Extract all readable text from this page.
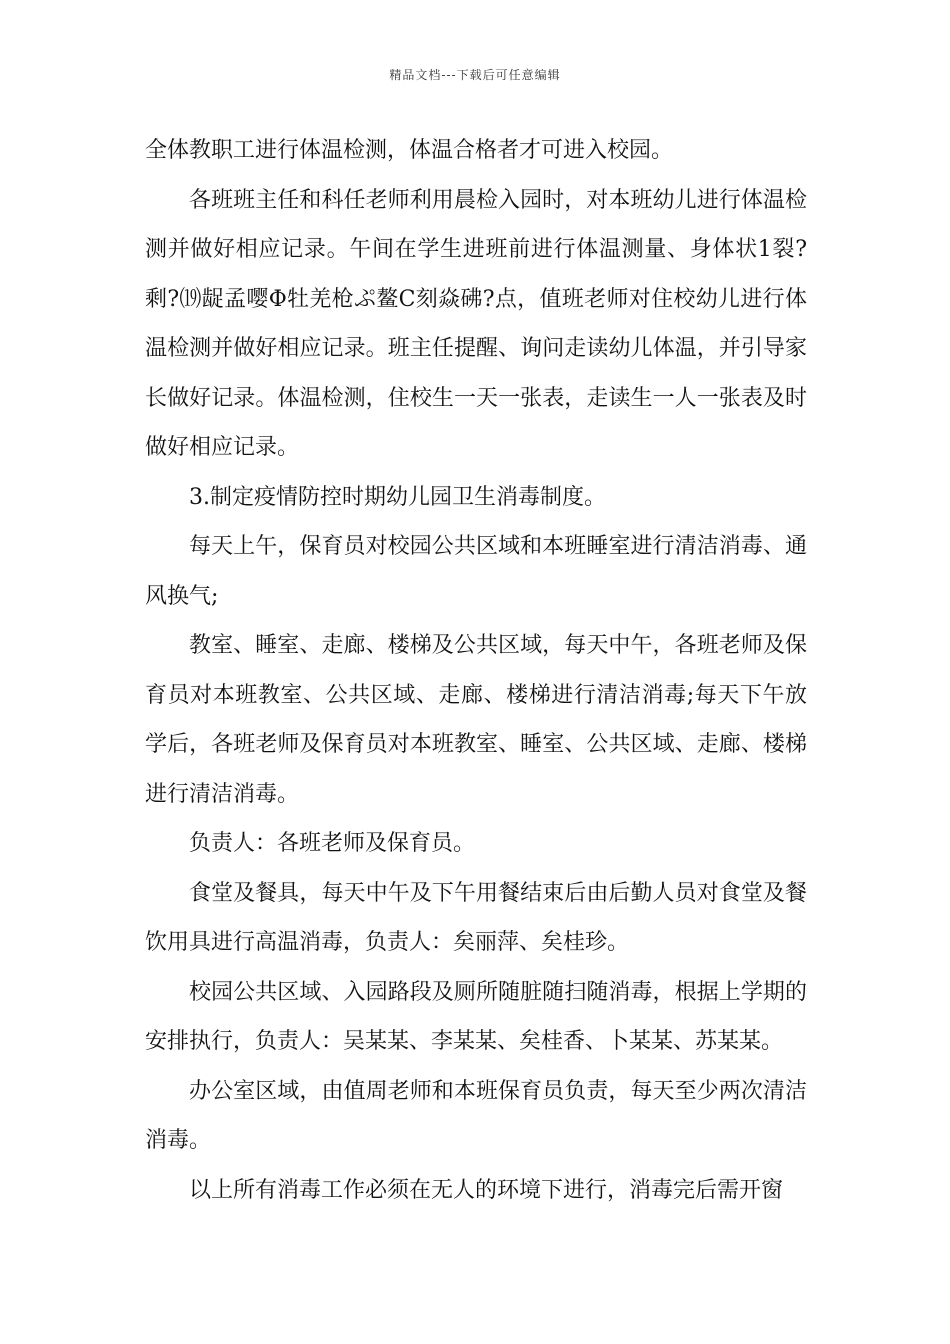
精品文档---下载后可任意编辑

全体教职工进行体温检测，体温合格者才可进入校园。

各班班主任和科任老师利用晨检入园时，对本班幼儿进行体温检测并做好相应记录。午间在学生进班前进行体温测量、身体状1裂?剩?⒆龊孟嘤Φ牡羌枪ぷ鳌C刻焱砩?点，值班老师对住校幼儿进行体温检测并做好相应记录。班主任提醒、询问走读幼儿体温，并引导家长做好记录。体温检测，住校生一天一张表，走读生一人一张表及时做好相应记录。

3.制定疫情防控时期幼儿园卫生消毒制度。

每天上午，保育员对校园公共区域和本班睡室进行清洁消毒、通风换气;

教室、睡室、走廊、楼梯及公共区域，每天中午，各班老师及保育员对本班教室、公共区域、走廊、楼梯进行清洁消毒;每天下午放学后，各班老师及保育员对本班教室、睡室、公共区域、走廊、楼梯进行清洁消毒。

负责人：各班老师及保育员。

食堂及餐具，每天中午及下午用餐结束后由后勤人员对食堂及餐饮用具进行高温消毒，负责人：矣丽萍、矣桂珍。

校园公共区域、入园路段及厕所随脏随扫随消毒，根据上学期的安排执行，负责人：吴某某、李某某、矣桂香、卜某某、苏某某。

办公室区域，由值周老师和本班保育员负责，每天至少两次清洁消毒。

以上所有消毒工作必须在无人的环境下进行，消毒完后需开窗
